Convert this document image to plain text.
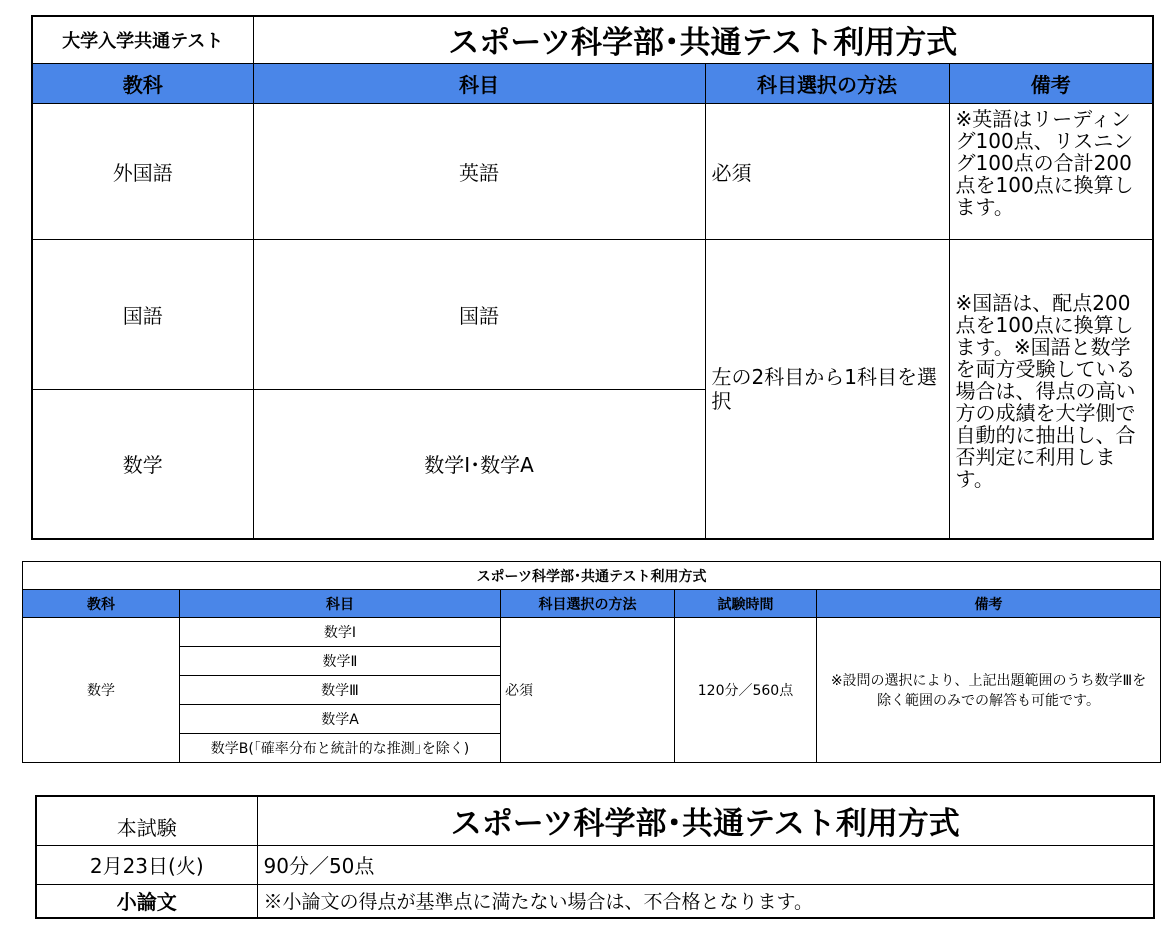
大学入学共通テスト	スポーツ科学部･共通テスト利用方式		
教科	科目	科目選択の方法	備考
外国語	英語	必須	※英語はリーディング100点、リスニング100点の合計200点を100点に換算します。
国語	国語	左の2科目から1科目を選択	※国語は、配点200点を100点に換算します。※国語と数学を両方受験している場合は、得点の高い方の成績を大学側で自動的に抽出し、合否判定に利用します。
数学	数学Ⅰ･数学A		
スポーツ科学部･共通テスト利用方式				
教科	科目	科目選択の方法	試験時間	備考
数学	数学Ⅰ	必須	120分／560点	※設問の選択により、上記出題範囲のうち数学Ⅲを除く範囲のみでの解答も可能です。
	数学Ⅱ			
	数学Ⅲ			
	数学A			
	数学B(｢確率分布と統計的な推測｣を除く)			
本試験	スポーツ科学部･共通テスト利用方式
2月23日(火)	90分／50点
小論文	※小論文の得点が基準点に満たない場合は、不合格となります。
